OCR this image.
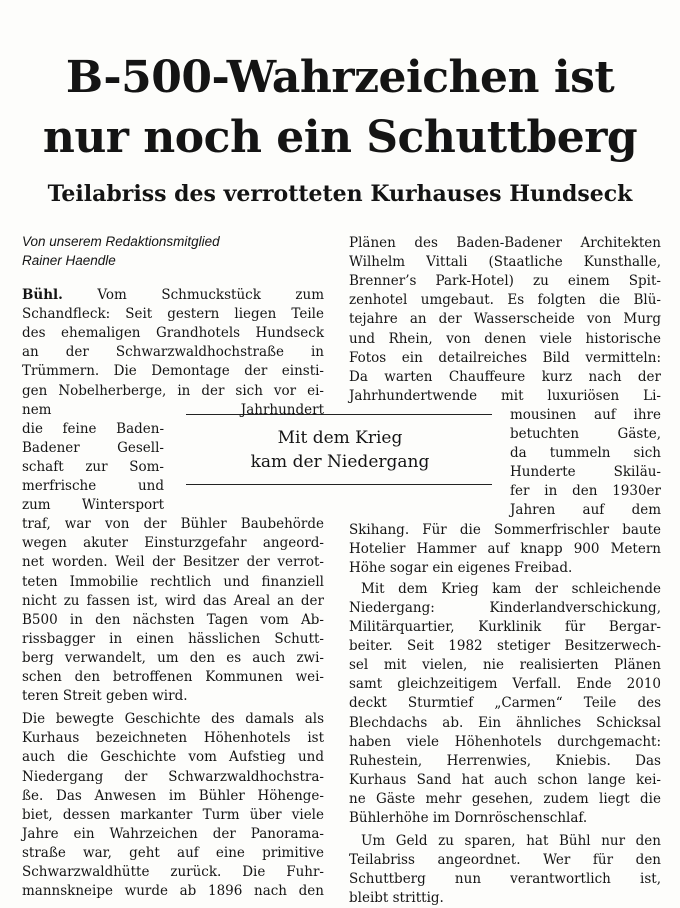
B-500-Wahrzeichen ist
nur noch ein Schuttberg
Teilabriss des verrotteten Kurhauses Hundseck
Von unserem Redaktionsmitglied
Rainer Haendle
Mit dem Krieg
kam der Niedergang
Bühl. Vom Schmuckstück zum
Schandfleck: Seit gestern liegen Teile
des ehemaligen Grandhotels Hundseck
an der Schwarzwaldhochstraße in
Trümmern. Die Demontage der einsti-
gen Nobelherberge, in der sich vor ei-
nem Jahrhundert
die feine Baden-
Badener Gesell-
schaft zur Som-
merfrische und
zum Wintersport
traf, war von der Bühler Baubehörde
wegen akuter Einsturzgefahr angeord-
net worden. Weil der Besitzer der verrot-
teten Immobilie rechtlich und finanziell
nicht zu fassen ist, wird das Areal an der
B500 in den nächsten Tagen vom Ab-
rissbagger in einen hässlichen Schutt-
berg verwandelt, um den es auch zwi-
schen den betroffenen Kommunen wei-
teren Streit geben wird.
Die bewegte Geschichte des damals als
Kurhaus bezeichneten Höhenhotels ist
auch die Geschichte vom Aufstieg und
Niedergang der Schwarzwaldhochstra-
ße. Das Anwesen im Bühler Höhenge-
biet, dessen markanter Turm über viele
Jahre ein Wahrzeichen der Panorama-
straße war, geht auf eine primitive
Schwarzwaldhütte zurück. Die Fuhr-
mannskneipe wurde ab 1896 nach den
Plänen des Baden-Badener Architekten
Wilhelm Vittali (Staatliche Kunsthalle,
Brenner’s Park-Hotel) zu einem Spit-
zenhotel umgebaut. Es folgten die Blü-
tejahre an der Wasserscheide von Murg
und Rhein, von denen viele historische
Fotos ein detailreiches Bild vermitteln:
Da warten Chauffeure kurz nach der
Jahrhundertwende mit luxuriösen Li-
mousinen auf ihre
betuchten Gäste,
da tummeln sich
Hunderte Skiläu-
fer in den 1930er
Jahren auf dem
Skihang. Für die Sommerfrischler baute
Hotelier Hammer auf knapp 900 Metern
Höhe sogar ein eigenes Freibad.
Mit dem Krieg kam der schleichende
Niedergang: Kinderlandverschickung,
Militärquartier, Kurklinik für Bergar-
beiter. Seit 1982 stetiger Besitzerwech-
sel mit vielen, nie realisierten Plänen
samt gleichzeitigem Verfall. Ende 2010
deckt Sturmtief „Carmen“ Teile des
Blechdachs ab. Ein ähnliches Schicksal
haben viele Höhenhotels durchgemacht:
Ruhestein, Herrenwies, Kniebis. Das
Kurhaus Sand hat auch schon lange kei-
ne Gäste mehr gesehen, zudem liegt die
Bühlerhöhe im Dornröschenschlaf.
Um Geld zu sparen, hat Bühl nur den
Teilabriss angeordnet. Wer für den
Schuttberg nun verantwortlich ist,
bleibt strittig.
